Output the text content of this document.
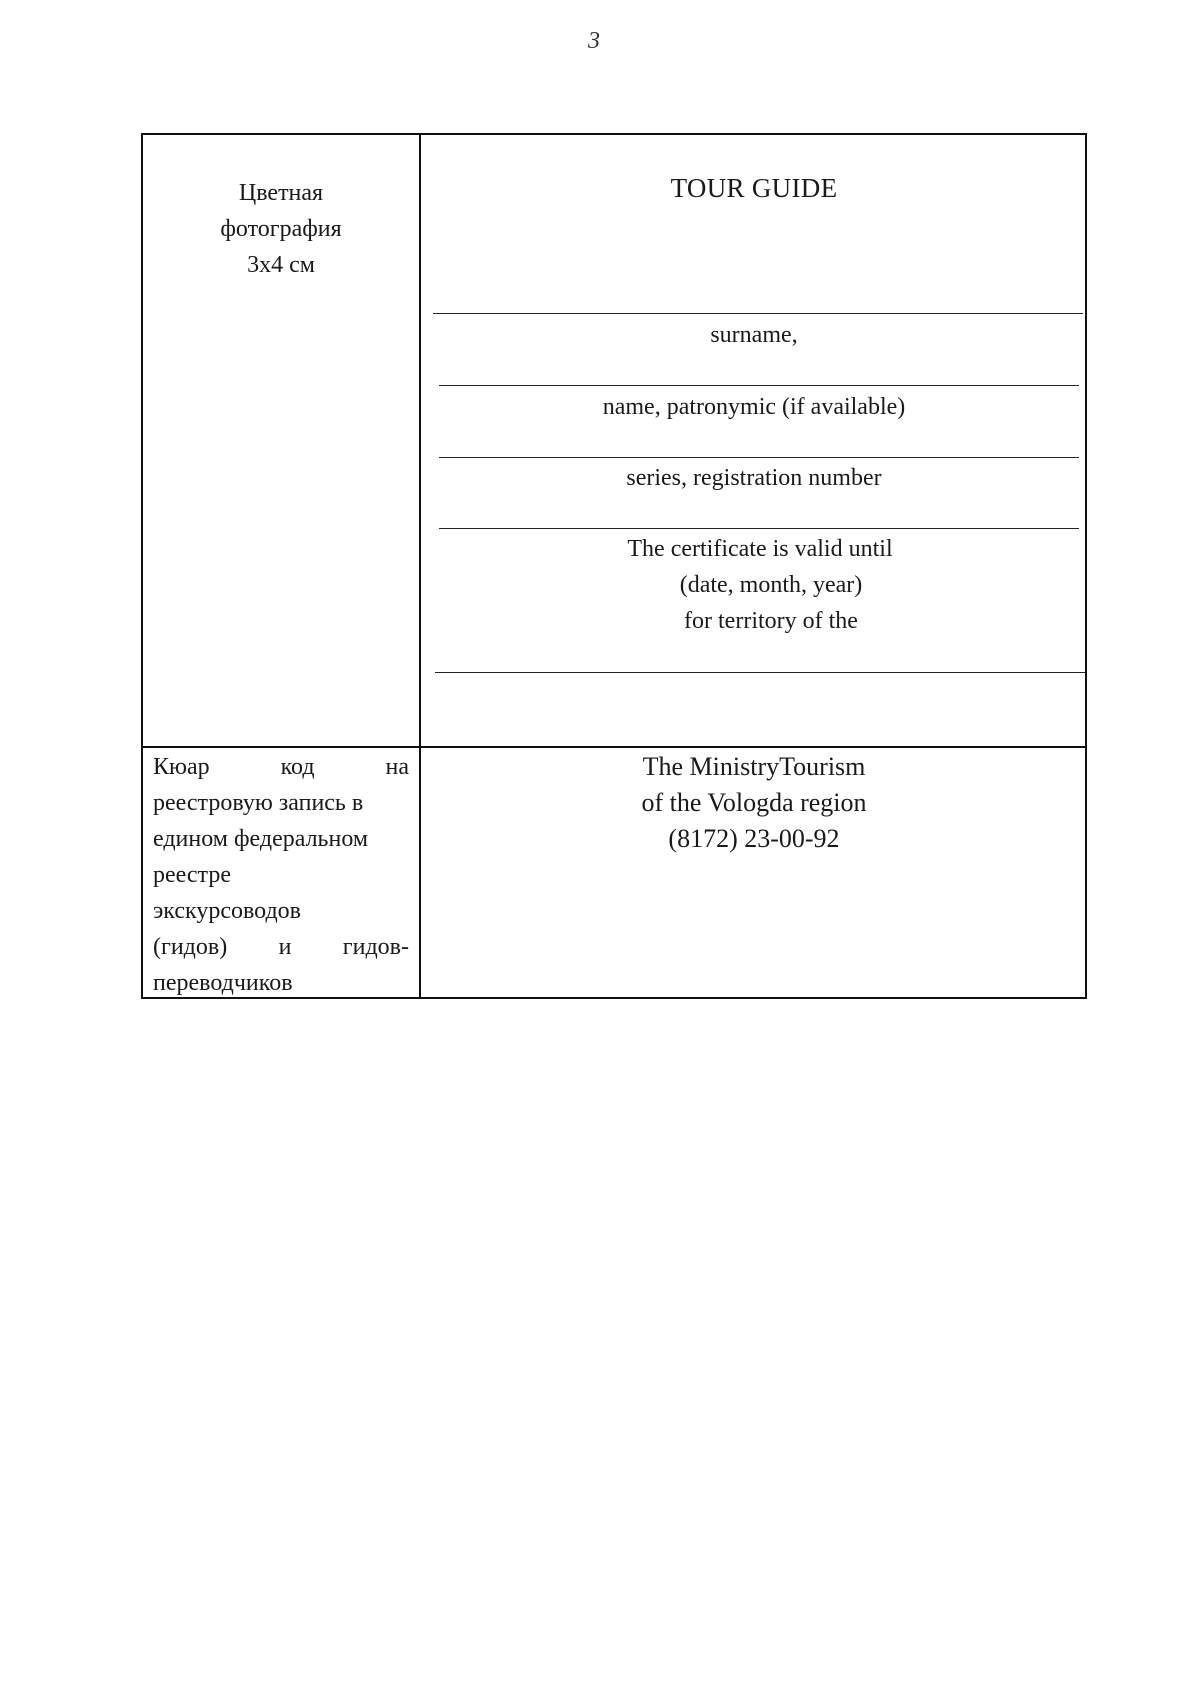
3
Цветная
фотография
3x4 см
TOUR GUIDE
surname,
name, patronymic (if available)
series, registration number
The certificate is valid until
(date, month, year)
for territory of the
Кюар	код	на
реестровую запись в
едином федеральном
реестре
экскурсоводов
(гидов) и гидов-
переводчиков
The MinistryTourism
of the Vologda region
(8172) 23-00-92
